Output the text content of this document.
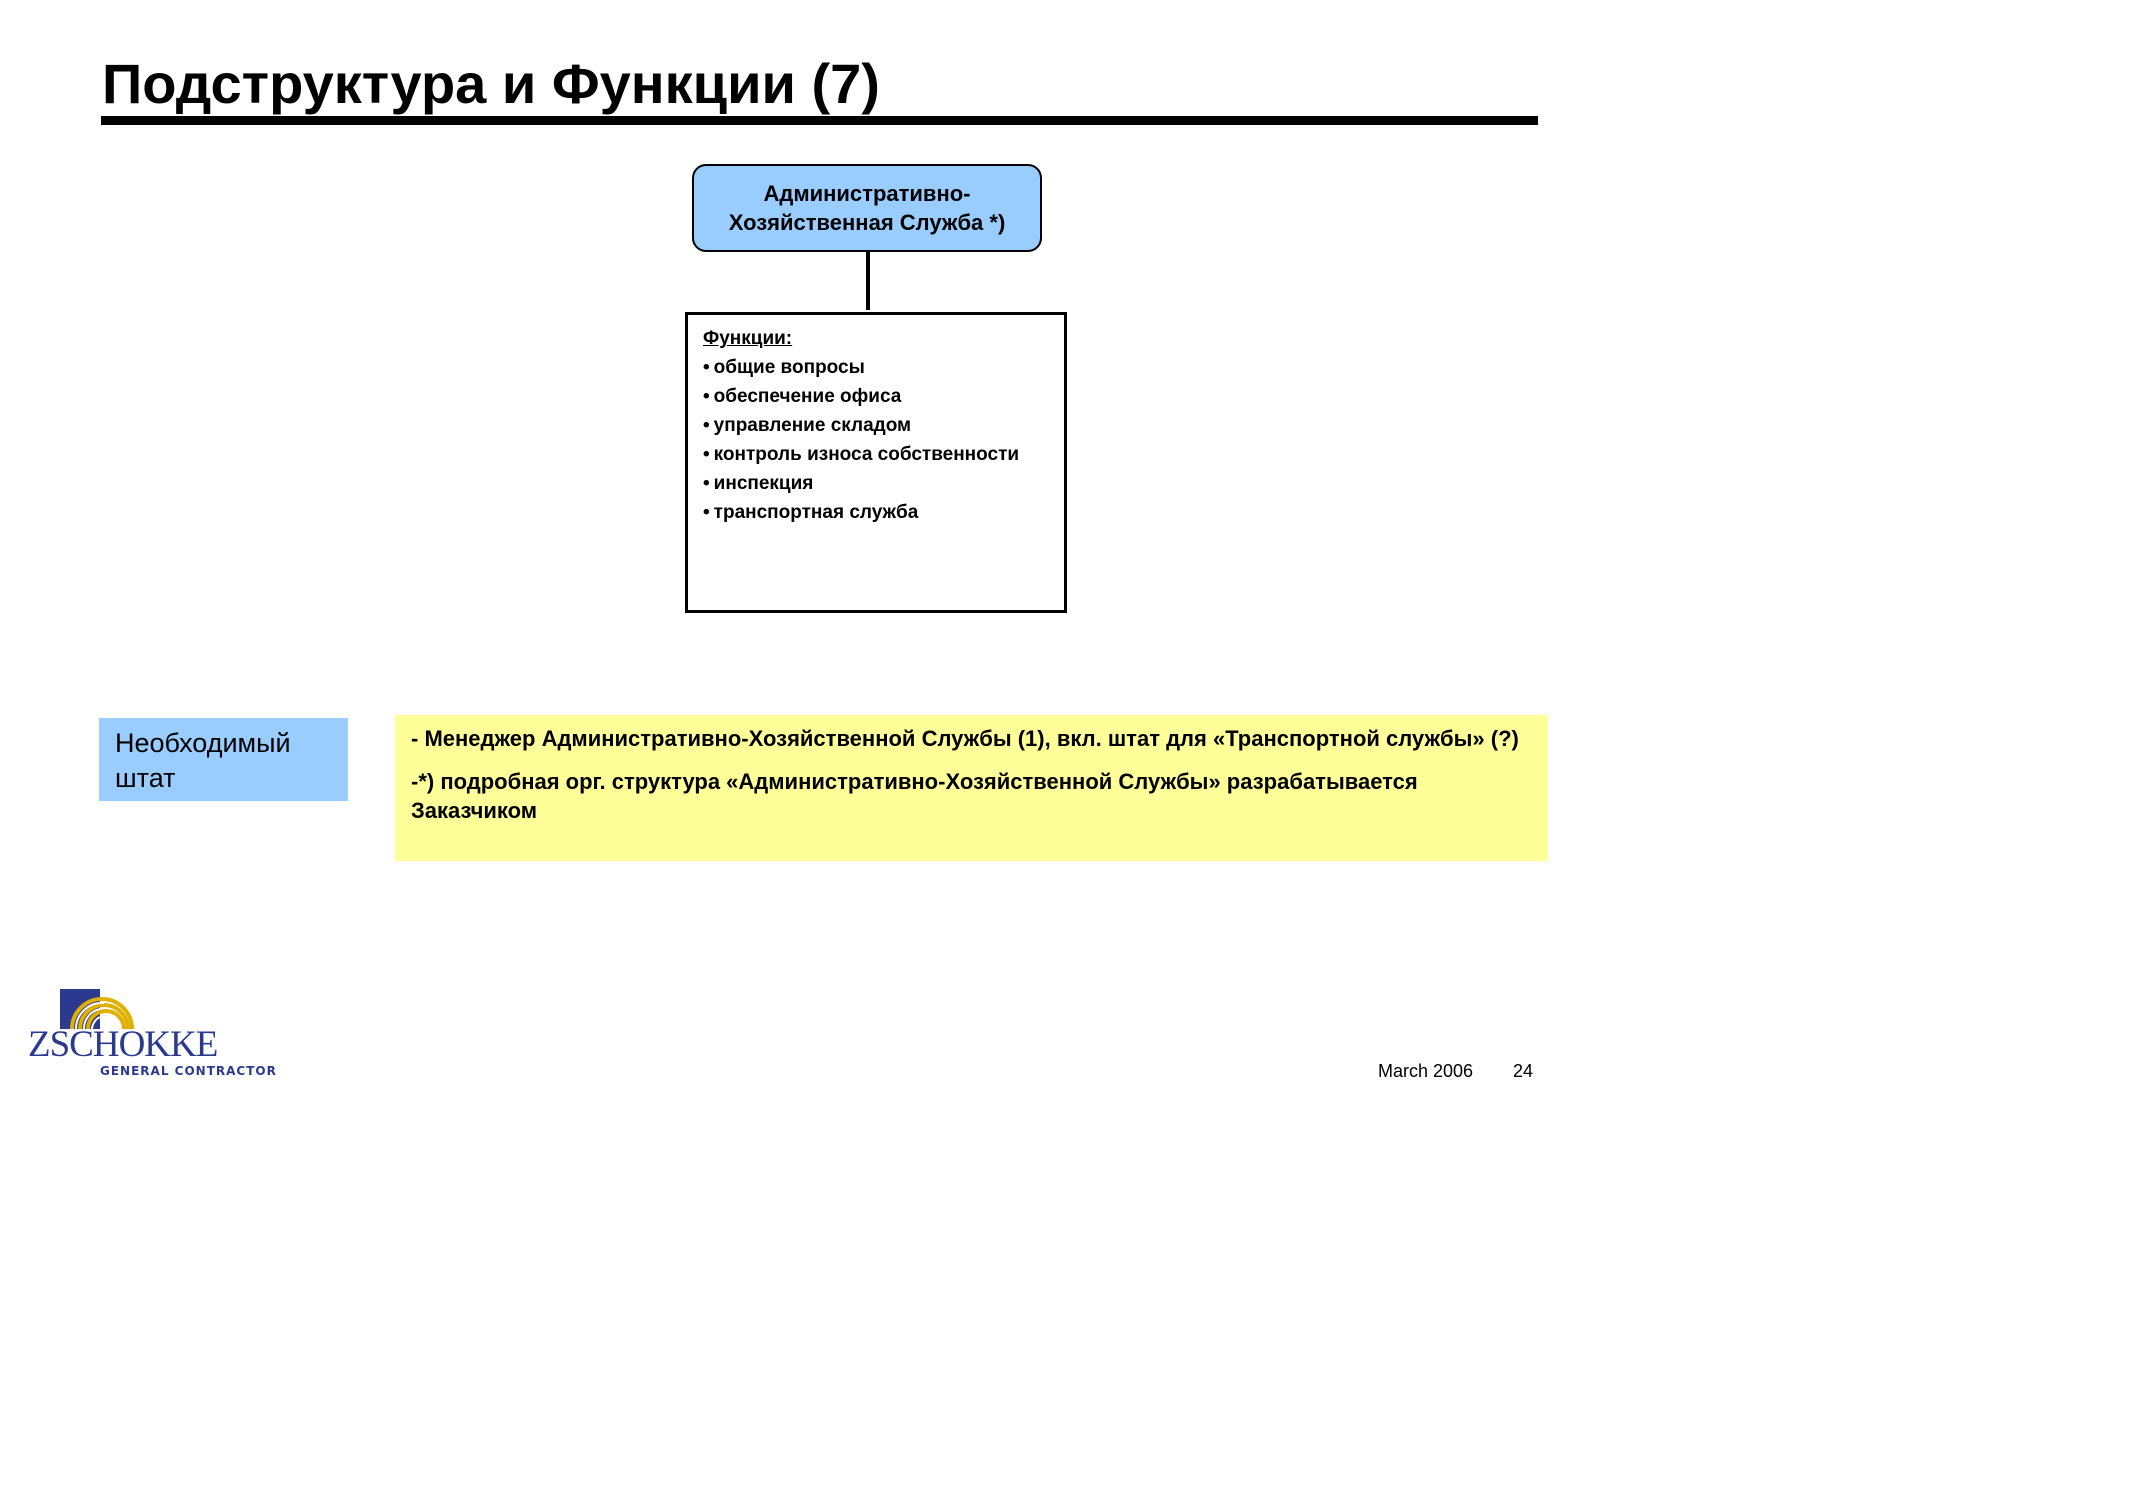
Подструктура и Функции (7)
Административно-
Хозяйственная Служба *)
Функции:
• общие вопросы
• обеспечение офиса
• управление складом
• контроль износа собственности
• инспекция
• транспортная служба
Необходимый
штат

- Менеджер Административно-Хозяйственной Службы (1), вкл. штат для «Транспортной службы» (?)

-*) подробная орг. структура «Административно-Хозяйственной Службы» разрабатывается Заказчиком

ZSCHOKKE
GENERAL CONTRACTOR	March 2006 24
